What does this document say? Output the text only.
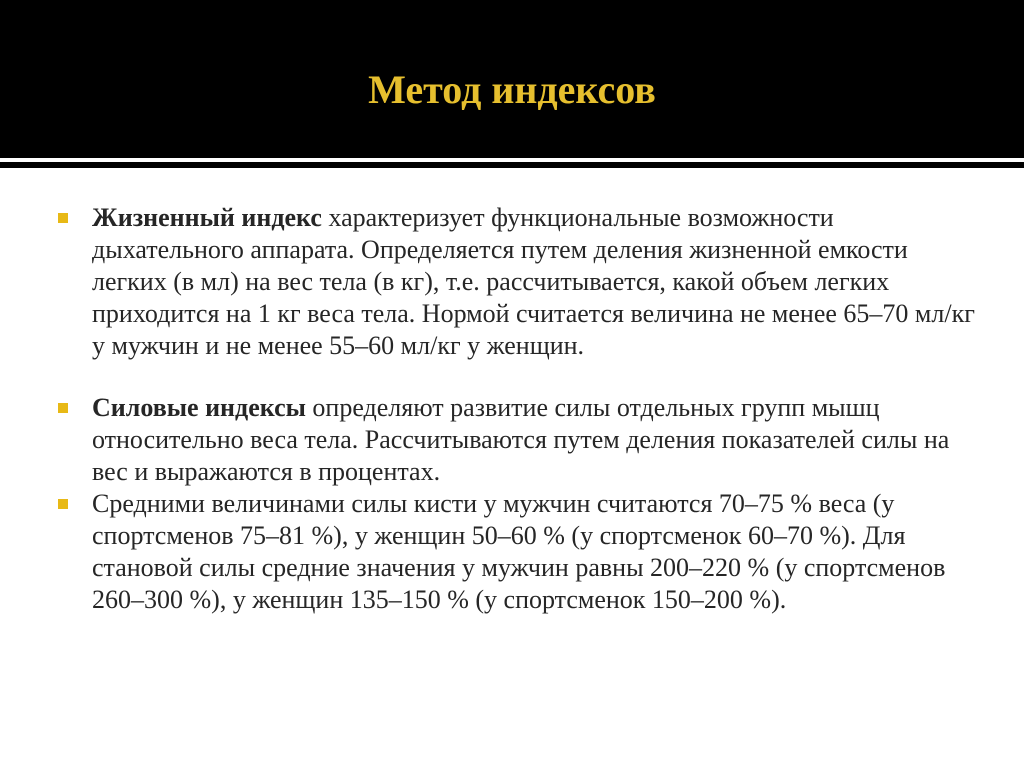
Метод индексов
Жизненный индекс характеризует функциональные возможности дыхательного аппарата. Определяется путем деления жизненной емкости легких (в мл) на вес тела (в кг), т.е. рассчитывается, какой объем легких приходится на 1 кг веса тела. Нормой считается величина не менее 65–70 мл/кг у мужчин и не менее 55–60 мл/кг у женщин.
Силовые индексы определяют развитие силы отдельных групп мышц относительно веса тела. Рассчитываются путем деления показателей силы на вес и выражаются в процентах.
Средними величинами силы кисти у мужчин считаются 70–75 % веса (у спортсменов 75–81 %), у женщин 50–60 % (у спортсменок 60–70 %). Для становой силы средние значения у мужчин равны 200–220 % (у спортсменов 260–300 %), у женщин 135–150 % (у спортсменок 150–200 %).
